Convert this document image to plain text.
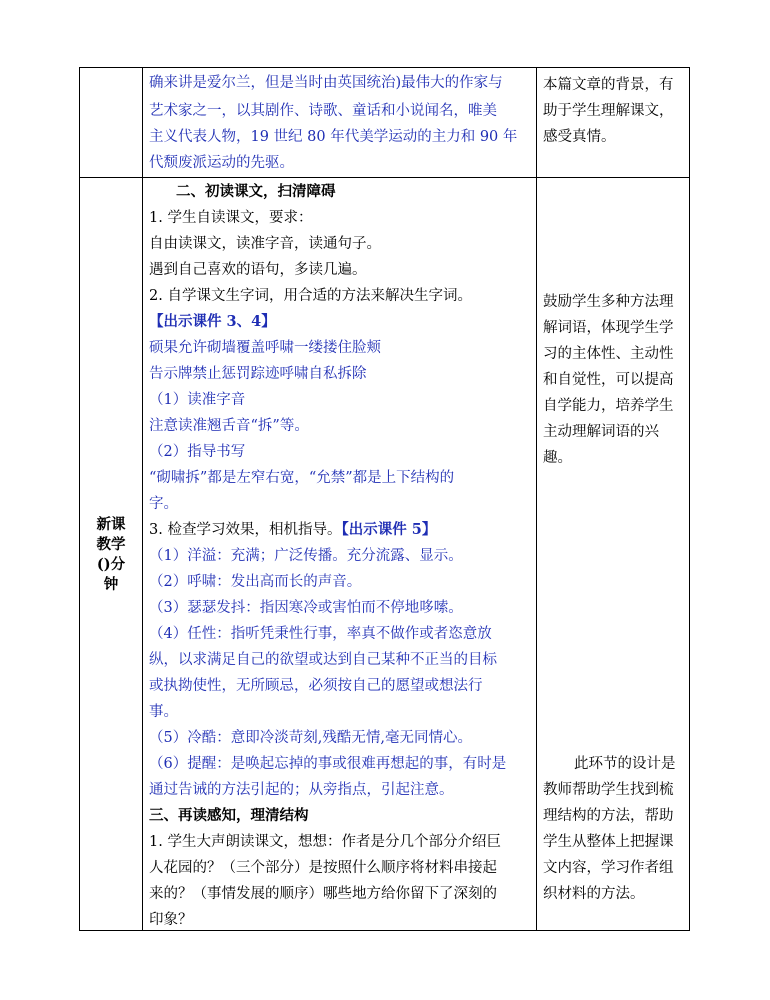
确来讲是爱尔兰，但是当时由英国统治)最伟大的作家与
艺术家之一，以其剧作、诗歌、童话和小说闻名，唯美
主义代表人物，19 世纪 80 年代美学运动的主力和 90 年
代颓废派运动的先驱。
本篇文章的背景，有
助于学生理解课文，
感受真情。
新课
教学
()分
钟
二、初读课文，扫清障碍
1. 学生自读课文，要求：
自由读课文，读准字音，读通句子。
遇到自己喜欢的语句，多读几遍。
2. 自学课文生字词，用合适的方法来解决生字词。
【出示课件 3、4】
硕果允许砌墙覆盖呼啸一缕搂住脸颊
告示牌禁止惩罚踪迹呼啸自私拆除
（1）读准字音
注意读准翘舌音“拆”等。
（2）指导书写
“砌啸拆”都是左窄右宽，“允禁”都是上下结构的
字。
3. 检查学习效果，相机指导。【出示课件 5】
（1）洋溢：充满；广泛传播。充分流露、显示。
（2）呼啸：发出高而长的声音。
（3）瑟瑟发抖：指因寒冷或害怕而不停地哆嗦。
（4）任性：指听凭秉性行事，率真不做作或者恣意放
纵，以求满足自己的欲望或达到自己某种不正当的目标
或执拗使性，无所顾忌，必须按自己的愿望或想法行
事。
（5）冷酷：意即冷淡苛刻,残酷无情,毫无同情心。
（6）提醒：是唤起忘掉的事或很难再想起的事，有时是
通过告诫的方法引起的；从旁指点，引起注意。
三、再读感知，理清结构
1. 学生大声朗读课文，想想：作者是分几个部分介绍巨
人花园的？（三个部分）是按照什么顺序将材料串接起
来的？（事情发展的顺序）哪些地方给你留下了深刻的
印象？
鼓励学生多种方法理
解词语，体现学生学
习的主体性、主动性
和自觉性，可以提高
自学能力，培养学生
主动理解词语的兴
趣。
此环节的设计是
教师帮助学生找到梳
理结构的方法，帮助
学生从整体上把握课
文内容，学习作者组
织材料的方法。
